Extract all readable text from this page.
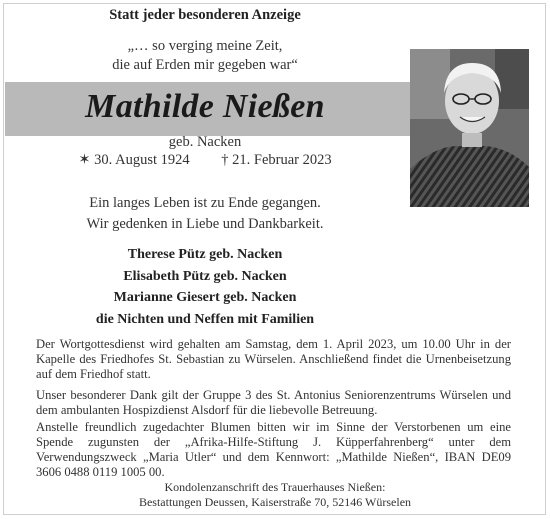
Statt jeder besonderen Anzeige
„… so verging meine Zeit,
die auf Erden mir gegeben war“
Mathilde Nießen
geb. Nacken
✶ 30. August 1924 † 21. Februar 2023
Ein langes Leben ist zu Ende gegangen.
Wir gedenken in Liebe und Dankbarkeit.
Therese Pütz geb. Nacken
Elisabeth Pütz geb. Nacken
Marianne Giesert geb. Nacken
die Nichten und Neffen mit Familien
Der Wortgottesdienst wird gehalten am Samstag, dem 1. April 2023, um 10.00 Uhr in der Kapelle des Friedhofes St. Sebastian zu Würselen. Anschließend findet die Urnenbeisetzung auf dem Friedhof statt.
Unser besonderer Dank gilt der Gruppe 3 des St. Antonius Seniorenzentrums Würselen und dem ambulanten Hospizdienst Alsdorf für die liebevolle Betreuung.
Anstelle freundlich zugedachter Blumen bitten wir im Sinne der Verstorbenen um eine Spende zugunsten der „Afrika-Hilfe-Stiftung J. Küpperfahrenberg“ unter dem Verwendungszweck „Maria Utler“ und dem Kennwort: „Mathilde Nießen“, IBAN DE09 3606 0488 0119 1005 00.
Kondolenzanschrift des Trauerhauses Nießen:
Bestattungen Deussen, Kaiserstraße 70, 52146 Würselen
